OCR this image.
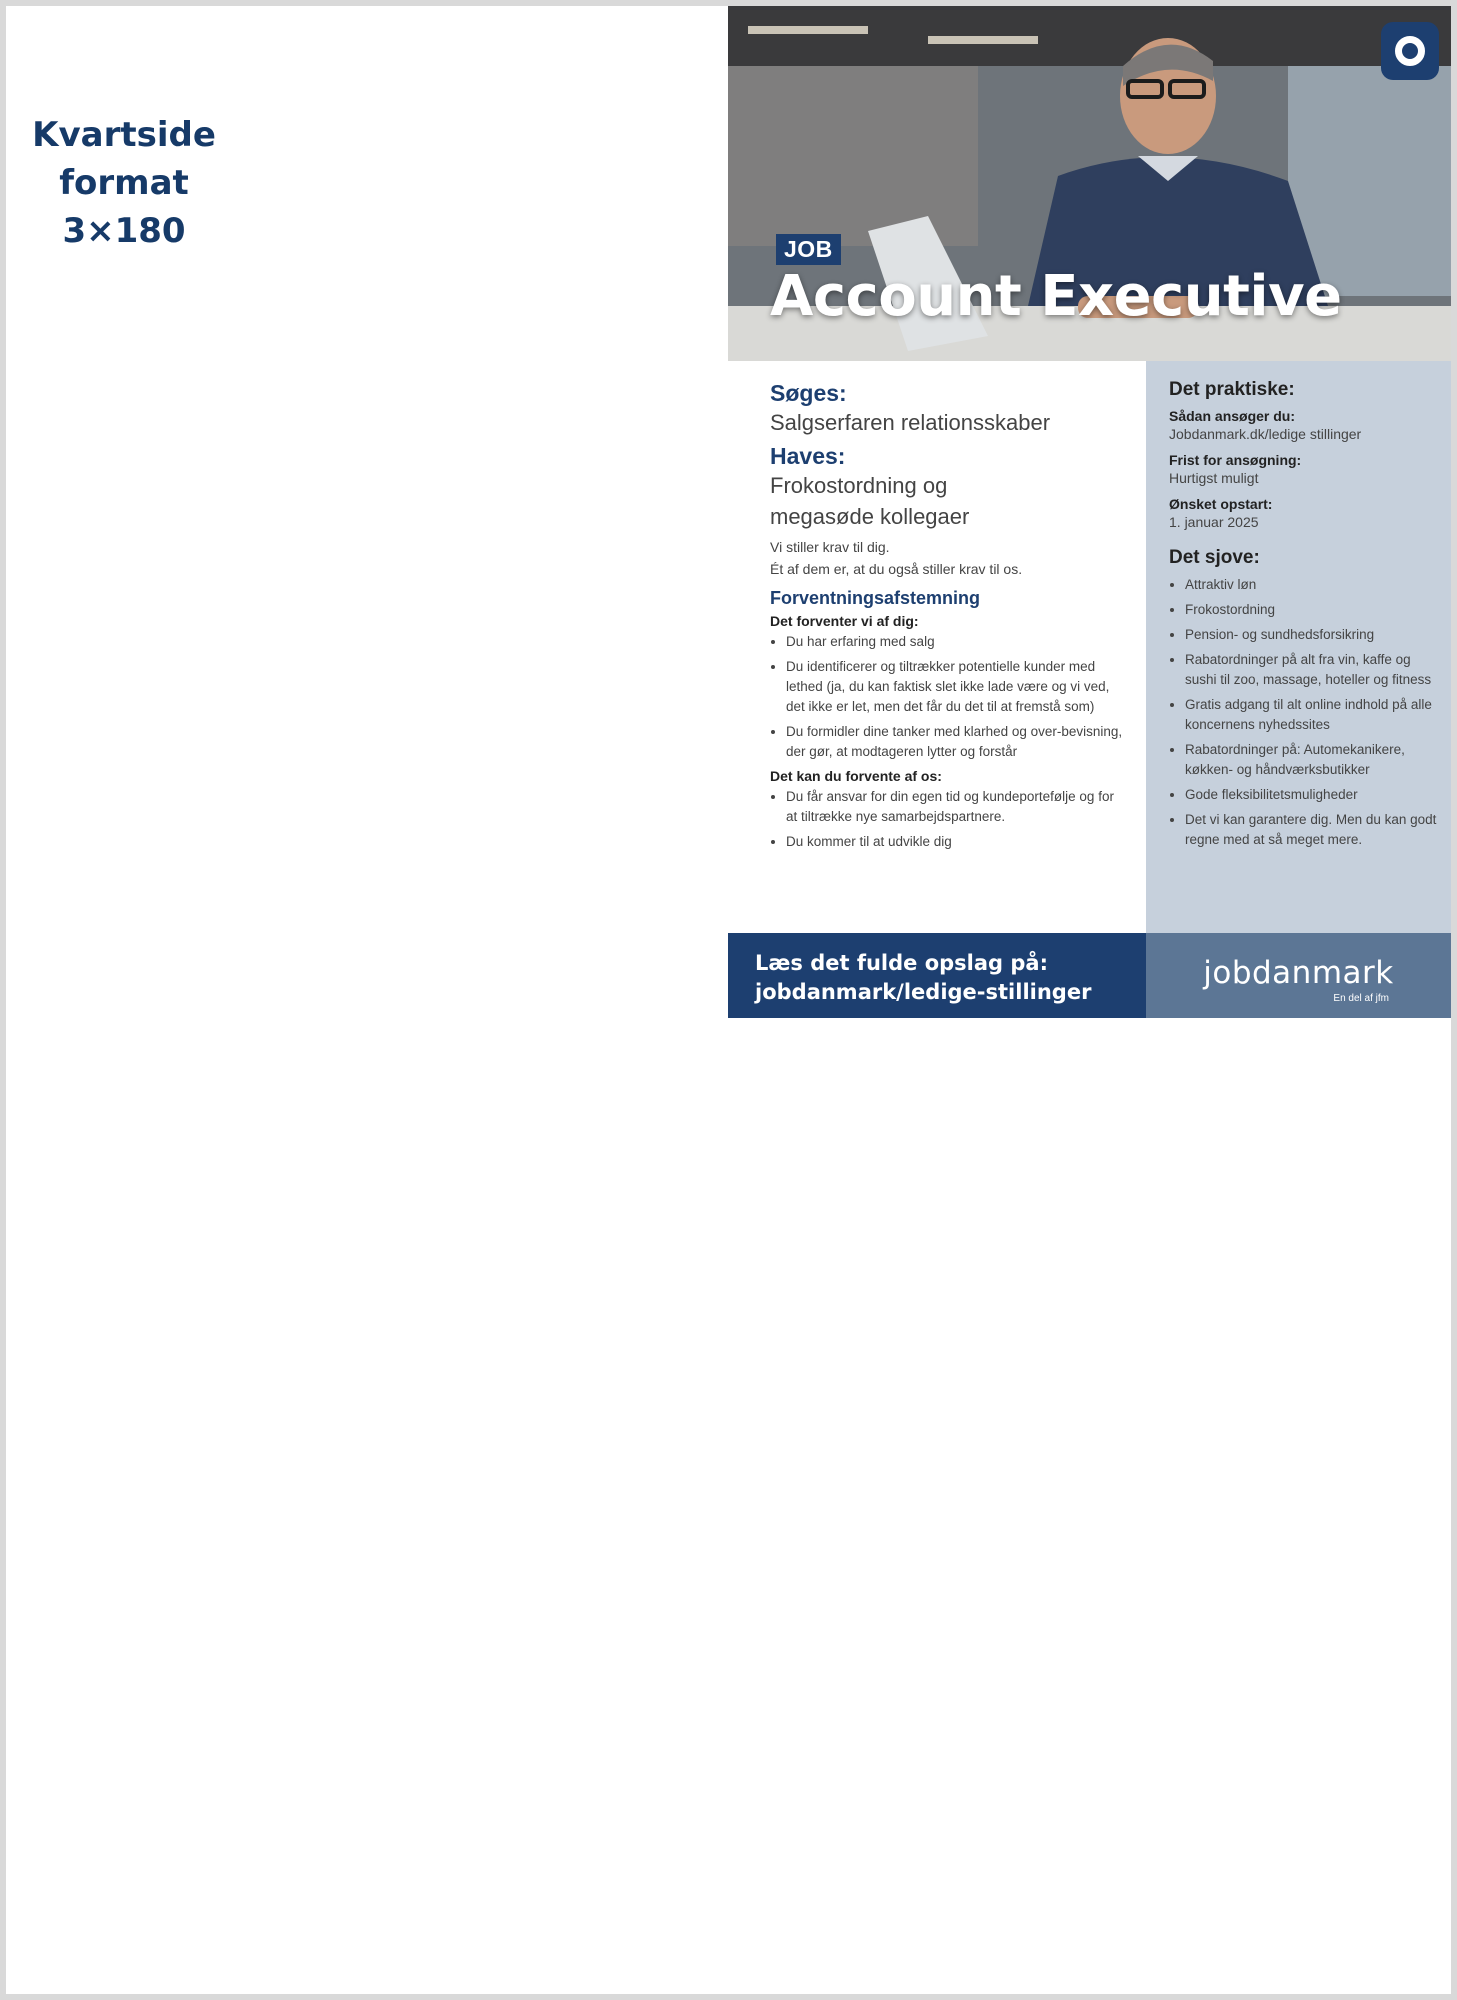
Kvartside
format
3×180	JOB
Account Executive

Søges:

Salgserfaren relationsskaber

Haves:

Frokostordning og

megasøde kollegaer

Vi stiller krav til dig.

Ét af dem er, at du også stiller krav til os.

Forventningsafstemning

Det forventer vi af dig:

• Du har erfaring med salg
• Du identificerer og tiltrækker potentielle kunder med lethed (ja, du kan faktisk slet ikke lade være og vi ved, det ikke er let, men det får du det til at fremstå som)
• Du formidler dine tanker med klarhed og over-bevisning, der gør, at modtageren lytter og forstår

Det kan du forvente af os:

• Du får ansvar for din egen tid og kundeportefølje og for at tiltrække nye samarbejdspartnere.
• Du kommer til at udvikle dig

Det praktiske:

Sådan ansøger du:

Jobdanmark.dk/ledige stillinger

Frist for ansøgning:

Hurtigst muligt

Ønsket opstart:

1. januar 2025

Det sjove:

• Attraktiv løn
• Frokostordning
• Pension- og sundhedsforsikring
• Rabatordninger på alt fra vin, kaffe og sushi til zoo, massage, hoteller og fitness
• Gratis adgang til alt online indhold på alle koncernens nyhedssites
• Rabatordninger på: Automekanikere, køkken- og håndværksbutikker
• Gode fleksibilitetsmuligheder
• Det vi kan garantere dig. Men du kan godt regne med at så meget mere.
Læs det fulde opslag på:
jobdanmark/ledige-stillinger
jobdanmark
En del af jfm
